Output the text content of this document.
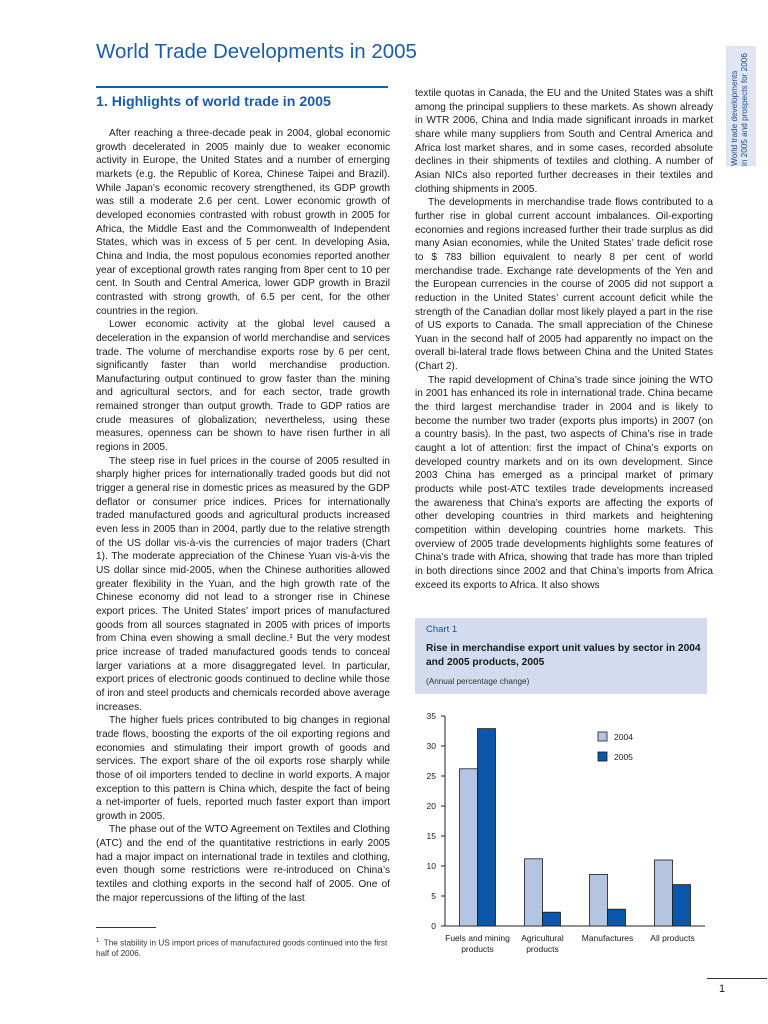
World Trade Developments in 2005
World trade developments in 2005 and prospects for 2006
1. Highlights of world trade in 2005

After reaching a three-decade peak in 2004, global economic growth decelerated in 2005 mainly due to weaker economic activity in Europe, the United States and a number of emerging markets (e.g. the Republic of Korea, Chinese Taipei and Brazil). While Japan’s economic recovery strengthened, its GDP growth was still a moderate 2.6 per cent. Lower economic growth of developed economies contrasted with robust growth in 2005 for Africa, the Middle East and the Commonwealth of Independent States, which was in excess of 5 per cent. In developing Asia, China and India, the most populous economies reported another year of exceptional growth rates ranging from 8per cent to 10 per cent. In South and Central America, lower GDP growth in Brazil contrasted with strong growth, of 6.5 per cent, for the other countries in the region.

Lower economic activity at the global level caused a deceleration in the expansion of world merchandise and services trade. The volume of merchandise exports rose by 6 per cent, significantly faster than world merchandise production. Manufacturing output continued to grow faster than the mining and agricultural sectors, and for each sector, trade growth remained stronger than output growth. Trade to GDP ratios are crude measures of globalization; nevertheless, using these measures, openness can be shown to have risen further in all regions in 2005.

The steep rise in fuel prices in the course of 2005 resulted in sharply higher prices for internationally traded goods but did not trigger a general rise in domestic prices as measured by the GDP deflator or consumer price indices. Prices for internationally traded manufactured goods and agricultural products increased even less in 2005 than in 2004, partly due to the relative strength of the US dollar vis-à-vis the currencies of major traders (Chart 1). The moderate appreciation of the Chinese Yuan vis-à-vis the US dollar since mid-2005, when the Chinese authorities allowed greater flexibility in the Yuan, and the high growth rate of the Chinese economy did not lead to a stronger rise in Chinese export prices. The United States’ import prices of manufactured goods from all sources stagnated in 2005 with prices of imports from China even showing a small decline.¹ But the very modest price increase of traded manufactured goods tends to conceal larger variations at a more disaggregated level. In particular, export prices of electronic goods continued to decline while those of iron and steel products and chemicals recorded above average increases.

The higher fuels prices contributed to big changes in regional trade flows, boosting the exports of the oil exporting regions and economies and stimulating their import growth of goods and services. The export share of the oil exports rose sharply while those of oil importers tended to decline in world exports. A major exception to this pattern is China which, despite the fact of being a net-importer of fuels, reported much faster export than import growth in 2005.

The phase out of the WTO Agreement on Textiles and Clothing (ATC) and the end of the quantitative restrictions in early 2005 had a major impact on international trade in textiles and clothing, even though some restrictions were re-introduced on China’s textiles and clothing exports in the second half of 2005. One of the major repercussions of the lifting of the last

textile quotas in Canada, the EU and the United States was a shift among the principal suppliers to these markets. As shown already in WTR 2006, China and India made significant inroads in market share while many suppliers from South and Central America and Africa lost market shares, and in some cases, recorded absolute declines in their shipments of textiles and clothing. A number of Asian NICs also reported further decreases in their textiles and clothing shipments in 2005.

The developments in merchandise trade flows contributed to a further rise in global current account imbalances. Oil-exporting economies and regions increased further their trade surplus as did many Asian economies, while the United States’ trade deficit rose to $ 783 billion equivalent to nearly 8 per cent of world merchandise trade. Exchange rate developments of the Yen and the European currencies in the course of 2005 did not support a reduction in the United States’ current account deficit while the strength of the Canadian dollar most likely played a part in the rise of US exports to Canada. The small appreciation of the Chinese Yuan in the second half of 2005 had apparently no impact on the overall bi-lateral trade flows between China and the United States (Chart 2).

The rapid development of China’s trade since joining the WTO in 2001 has enhanced its role in international trade. China became the third largest merchandise trader in 2004 and is likely to become the number two trader (exports plus imports) in 2007 (on a country basis). In the past, two aspects of China’s rise in trade caught a lot of attention: first the impact of China’s exports on developed country markets and on its own development. Since 2003 China has emerged as a principal market of primary products while post-ATC textiles trade developments increased the awareness that China’s exports are affecting the exports of other developing countries in third markets and heightening competition within developing countries home markets. This overview of 2005 trade developments highlights some features of China’s trade with Africa, showing that trade has more than tripled in both directions since 2002 and that China’s imports from Africa exceed its exports to Africa. It also shows

$^1$ The stability in US import prices of manufactured goods continued into the first half of 2006.
Chart 1
Rise in merchandise export unit values by sector in 2004 and 2005 products, 2005
(Annual percentage change)
0
5
10
15
20
25
30
35
Fuels and mining
products
Agricultural
products
Manufactures All products
2004
2005
1
